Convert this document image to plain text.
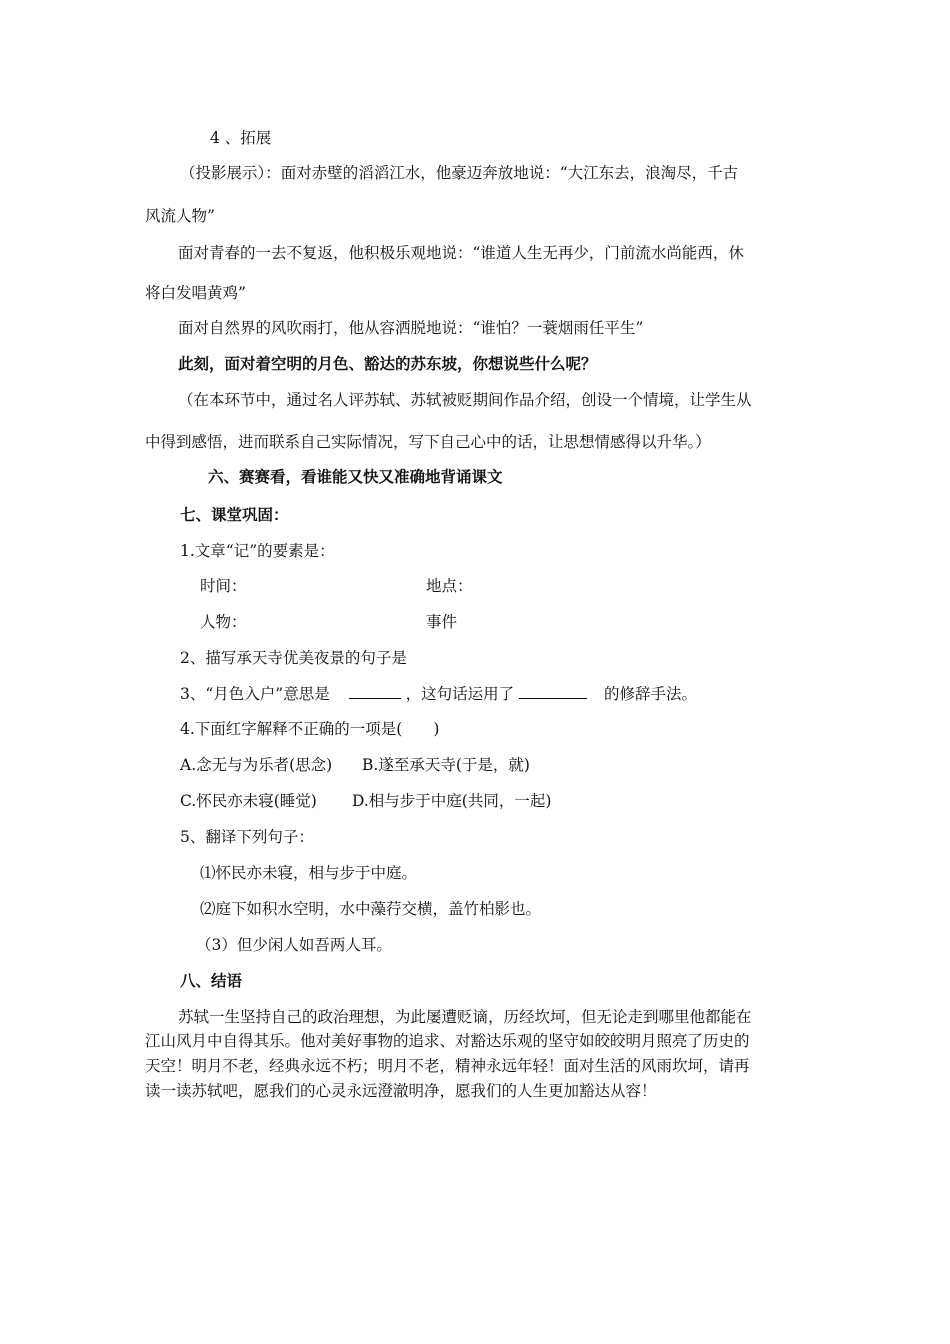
4 、拓展
（投影展示）：面对赤壁的滔滔江水，他豪迈奔放地说：“大江东去，浪淘尽，千古
风流人物”
面对青春的一去不复返，他积极乐观地说：“谁道人生无再少，门前流水尚能西，休
将白发唱黄鸡”
面对自然界的风吹雨打，他从容洒脱地说：“谁怕？一蓑烟雨任平生”
此刻，面对着空明的月色、豁达的苏东坡，你想说些什么呢？
（在本环节中，通过名人评苏轼、苏轼被贬期间作品介绍，创设一个情境，让学生从
中得到感悟，进而联系自己实际情况，写下自己心中的话，让思想情感得以升华。）
六、赛赛看，看谁能又快又准确地背诵课文
七、课堂巩固：
1.文章“记”的要素是：
时间：	地点：
人物：	事件
2、描写承天寺优美夜景的句子是
3、“月色入户”意思是	，这句话运用了	的修辞手法。
4.下面红字解释不正确的一项是(　　)
A.念无与为乐者(思念) B.遂至承天寺(于是，就)
C.怀民亦未寝(睡觉) D.相与步于中庭(共同，一起)
5、翻译下列句子：
⑴怀民亦未寝，相与步于中庭。
⑵庭下如积水空明，水中藻荇交横，盖竹柏影也。
（3）但少闲人如吾两人耳。
八、结语
苏轼一生坚持自己的政治理想，为此屡遭贬谪，历经坎坷，但无论走到哪里他都能在
江山风月中自得其乐。他对美好事物的追求、对豁达乐观的坚守如皎皎明月照亮了历史的
天空！明月不老，经典永远不朽；明月不老，精神永远年轻！面对生活的风雨坎坷，请再
读一读苏轼吧，愿我们的心灵永远澄澈明净，愿我们的人生更加豁达从容！
